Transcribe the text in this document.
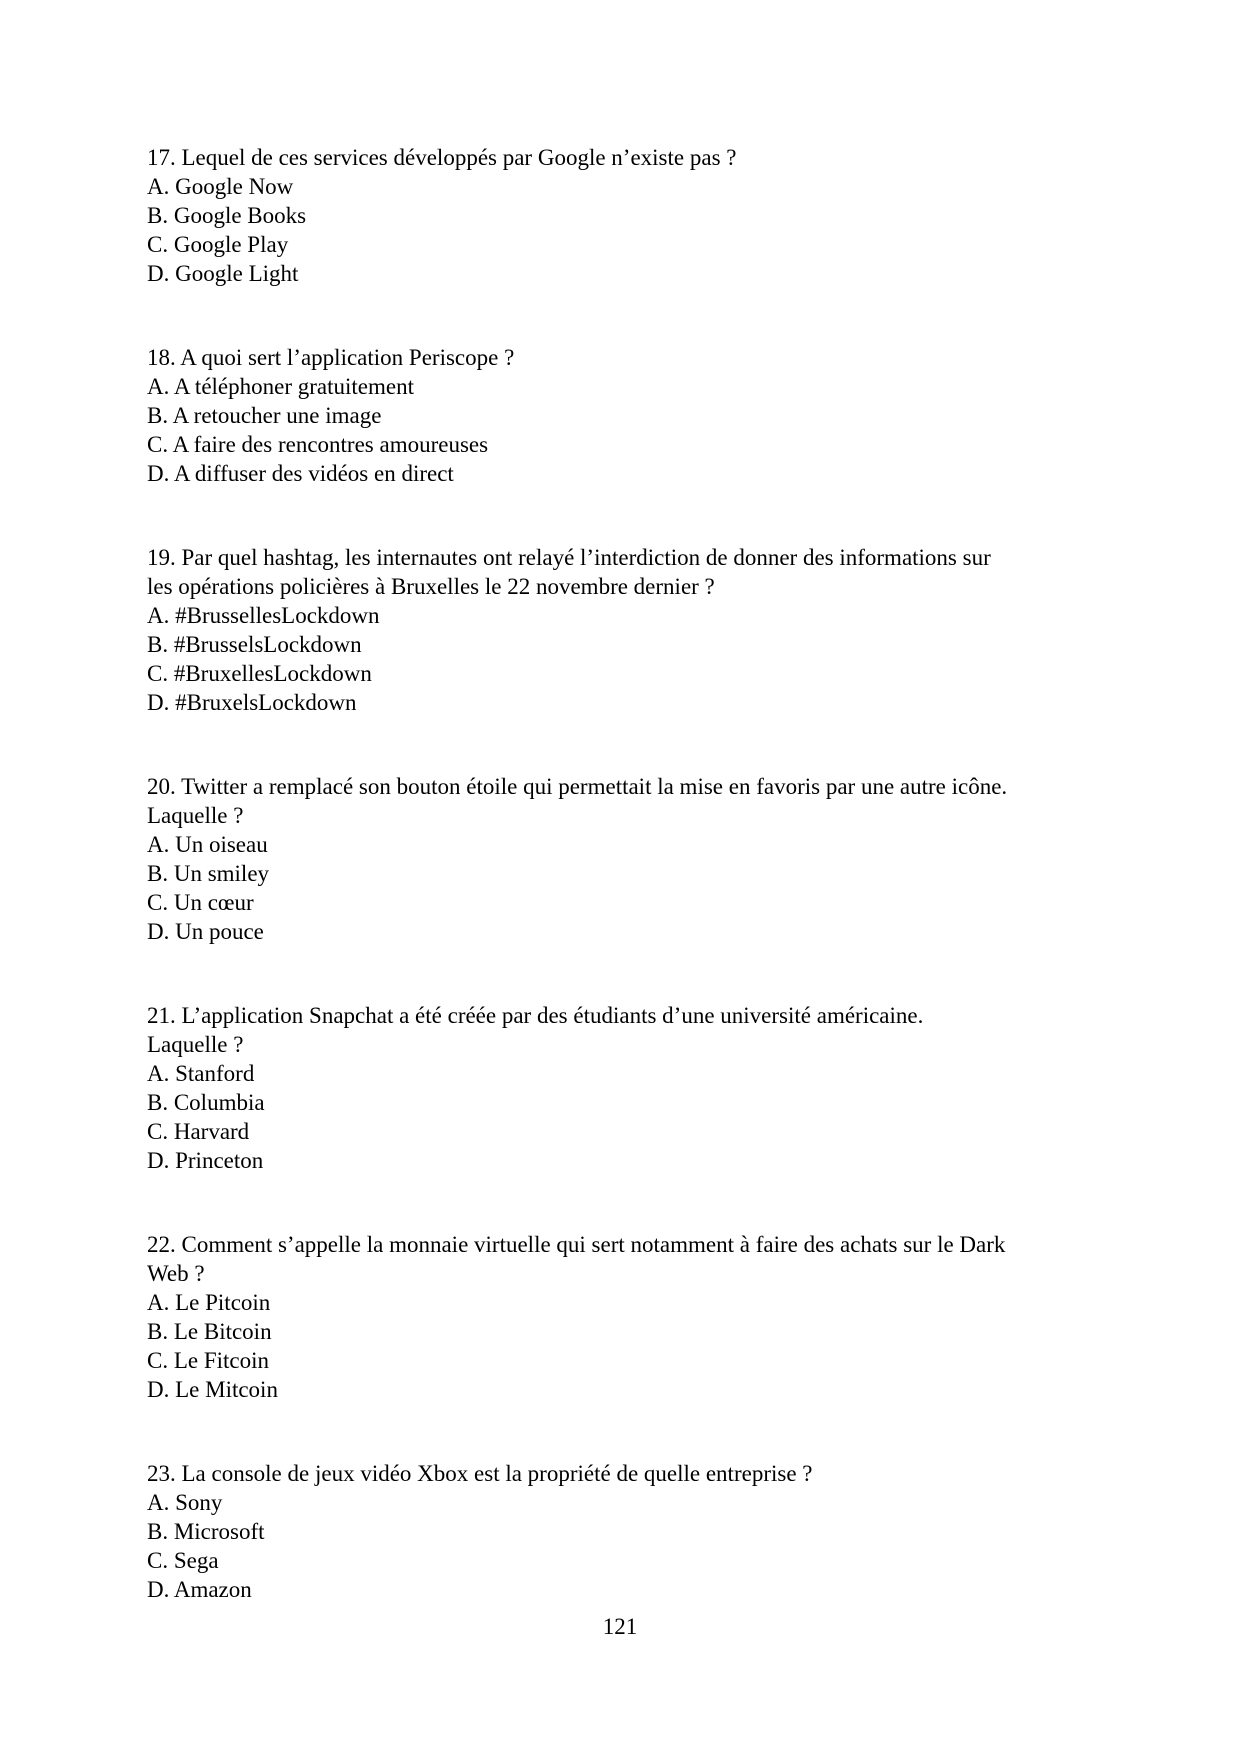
17. Lequel de ces services développés par Google n’existe pas ?
A. Google Now
B. Google Books
C. Google Play
D. Google Light
18. A quoi sert l’application Periscope ?
A. A téléphoner gratuitement
B. A retoucher une image
C. A faire des rencontres amoureuses
D. A diffuser des vidéos en direct
19. Par quel hashtag, les internautes ont relayé l’interdiction de donner des informations sur
les opérations policières à Bruxelles le 22 novembre dernier ?
A. #BrussellesLockdown
B. #BrusselsLockdown
C. #BruxellesLockdown
D. #BruxelsLockdown
20. Twitter a remplacé son bouton étoile qui permettait la mise en favoris par une autre icône.
Laquelle ?
A. Un oiseau
B. Un smiley
C. Un cœur
D. Un pouce
21. L’application Snapchat a été créée par des étudiants d’une université américaine.
Laquelle ?
A. Stanford
B. Columbia
C. Harvard
D. Princeton
22. Comment s’appelle la monnaie virtuelle qui sert notamment à faire des achats sur le Dark
Web ?
A. Le Pitcoin
B. Le Bitcoin
C. Le Fitcoin
D. Le Mitcoin
23. La console de jeux vidéo Xbox est la propriété de quelle entreprise ?
A. Sony
B. Microsoft
C. Sega
D. Amazon
121
